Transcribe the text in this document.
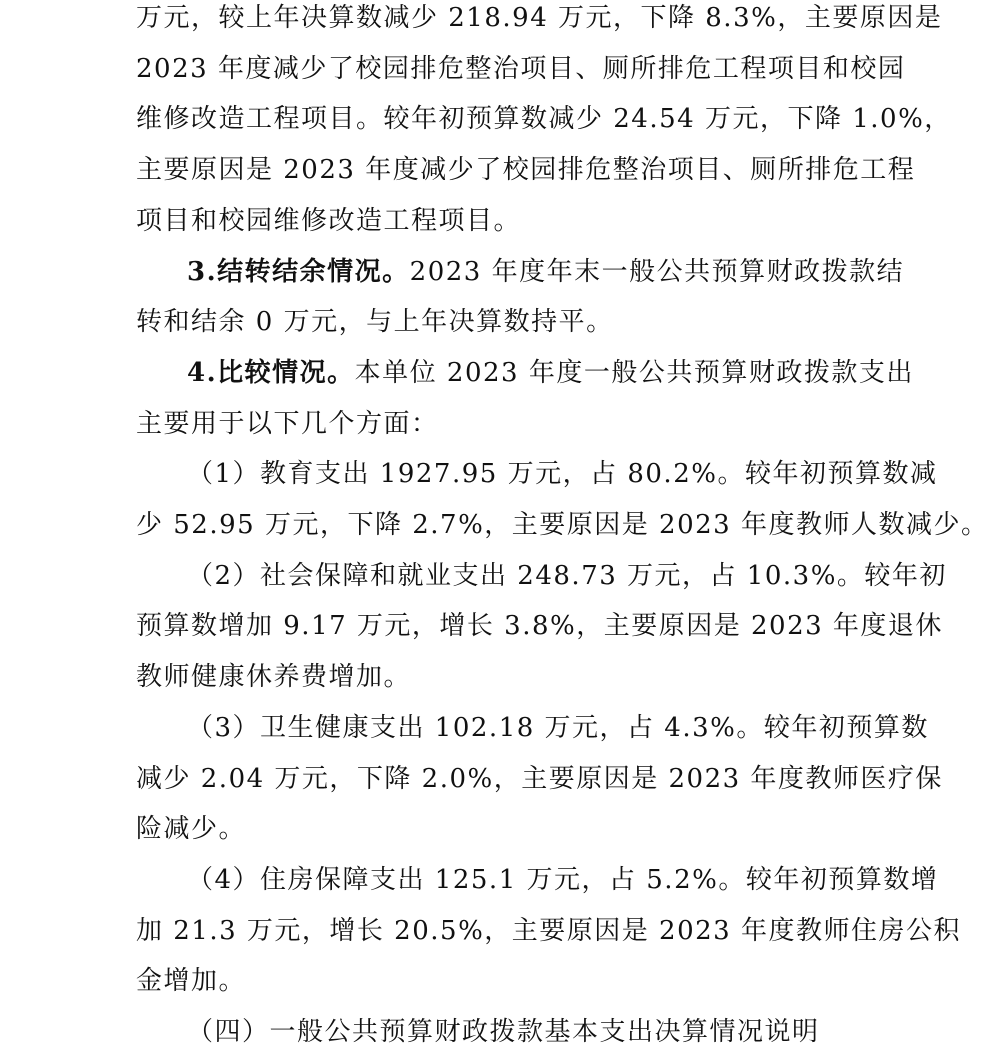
万元，较上年决算数减少 218.94 万元，下降 8.3%，主要原因是
2023 年度减少了校园排危整治项目、厕所排危工程项目和校园
维修改造工程项目。较年初预算数减少 24.54 万元，下降 1.0%，
主要原因是 2023 年度减少了校园排危整治项目、厕所排危工程
项目和校园维修改造工程项目。
3.结转结余情况。2023 年度年末一般公共预算财政拨款结
转和结余 0 万元，与上年决算数持平。
4.比较情况。本单位 2023 年度一般公共预算财政拨款支出
主要用于以下几个方面：
（1）教育支出 1927.95 万元，占 80.2%。较年初预算数减
少 52.95 万元，下降 2.7%，主要原因是 2023 年度教师人数减少。
（2）社会保障和就业支出 248.73 万元，占 10.3%。较年初
预算数增加 9.17 万元，增长 3.8%，主要原因是 2023 年度退休
教师健康休养费增加。
（3）卫生健康支出 102.18 万元，占 4.3%。较年初预算数
减少 2.04 万元，下降 2.0%，主要原因是 2023 年度教师医疗保
险减少。
（4）住房保障支出 125.1 万元，占 5.2%。较年初预算数增
加 21.3 万元，增长 20.5%，主要原因是 2023 年度教师住房公积
金增加。
（四）一般公共预算财政拨款基本支出决算情况说明
